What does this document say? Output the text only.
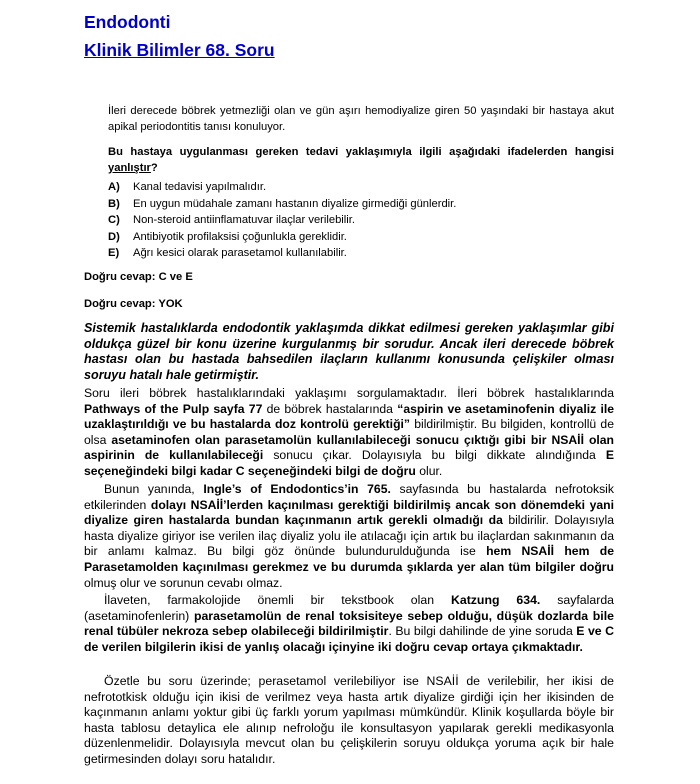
Endodonti
Klinik Bilimler 68. Soru
İleri derecede böbrek yetmezliği olan ve gün aşırı hemodiyalize giren 50 yaşındaki bir hastaya akut apikal periodontitis tanısı konuluyor.
Bu hastaya uygulanması gereken tedavi yaklaşımıyla ilgili aşağıdaki ifadelerden hangisi yanlıştır?
A) Kanal tedavisi yapılmalıdır.
B) En uygun müdahale zamanı hastanın diyalize girmediği günlerdir.
C) Non-steroid antiinflamatuvar ilaçlar verilebilir.
D) Antibiyotik profilaksisi çoğunlukla gereklidir.
E) Ağrı kesici olarak parasetamol kullanılabilir.
Doğru cevap: C ve E
Doğru cevap: YOK
Sistemik hastalıklarda endodontik yaklaşımda dikkat edilmesi gereken yaklaşımlar gibi oldukça güzel bir konu üzerine kurgulanmış bir sorudur. Ancak ileri derecede böbrek hastası olan bu hastada bahsedilen ilaçların kullanımı konusunda çelişkiler olması soruyu hatalı hale getirmiştir.
Soru ileri böbrek hastalıklarındaki yaklaşımı sorgulamaktadır. İleri böbrek hastalıklarında Pathways of the Pulp sayfa 77 de böbrek hastalarında “aspirin ve asetaminofenin diyaliz ile uzaklaştırıldığı ve bu hastalarda doz kontrolü gerektiği” bildirilmiştir. Bu bilgiden, kontrollü de olsa asetaminofen olan parasetamolün kullanılabileceği sonucu çıktığı gibi bir NSAİİ olan aspirinin de kullanılabileceği sonucu çıkar. Dolayısıyla bu bilgi dikkate alındığında E seçeneğindeki bilgi kadar C seçeneğindeki bilgi de doğru olur.
Bunun yanında, Ingle’s of Endodontics’in 765. sayfasında bu hastalarda nefrotoksik etkilerinden dolayı NSAİİ’lerden kaçınılması gerektiği bildirilmiş ancak son dönemdeki yani diyalize giren hastalarda bundan kaçınmanın artık gerekli olmadığı da bildirilir. Dolayısıyla hasta diyalize giriyor ise verilen ilaç diyaliz yolu ile atılacağı için artık bu ilaçlardan sakınmanın da bir anlamı kalmaz. Bu bilgi göz önünde bulundurulduğunda ise hem NSAİİ hem de Parasetamolden kaçınılması gerekmez ve bu durumda şıklarda yer alan tüm bilgiler doğru olmuş olur ve sorunun cevabı olmaz.
İlaveten, farmakolojide önemli bir tekstbook olan Katzung 634. sayfalarda (asetaminofenlerin) parasetamolün de renal toksisiteye sebep olduğu, düşük dozlarda bile renal tübüler nekroza sebep olabileceği bildirilmiştir. Bu bilgi dahilinde de yine soruda E ve C de verilen bilgilerin ikisi de yanlış olacağı içinyine iki doğru cevap ortaya çıkmaktadır.
Özetle bu soru üzerinde; perasetamol verilebiliyor ise NSAİİ de verilebilir, her ikisi de nefrototkisk olduğu için ikisi de verilmez veya hasta artık diyalize girdiği için her ikisinden de kaçınmanın anlamı yoktur gibi üç farklı yorum yapılması mümkündür. Klinik koşullarda böyle bir hasta tablosu detaylica ele alınıp nefroloğu ile konsultasyon yapılarak gerekli medikasyonla düzenlenmelidir. Dolayısıyla mevcut olan bu çelişkilerin soruyu oldukça yoruma açık bir hale getirmesinden dolayı soru hatalıdır.
